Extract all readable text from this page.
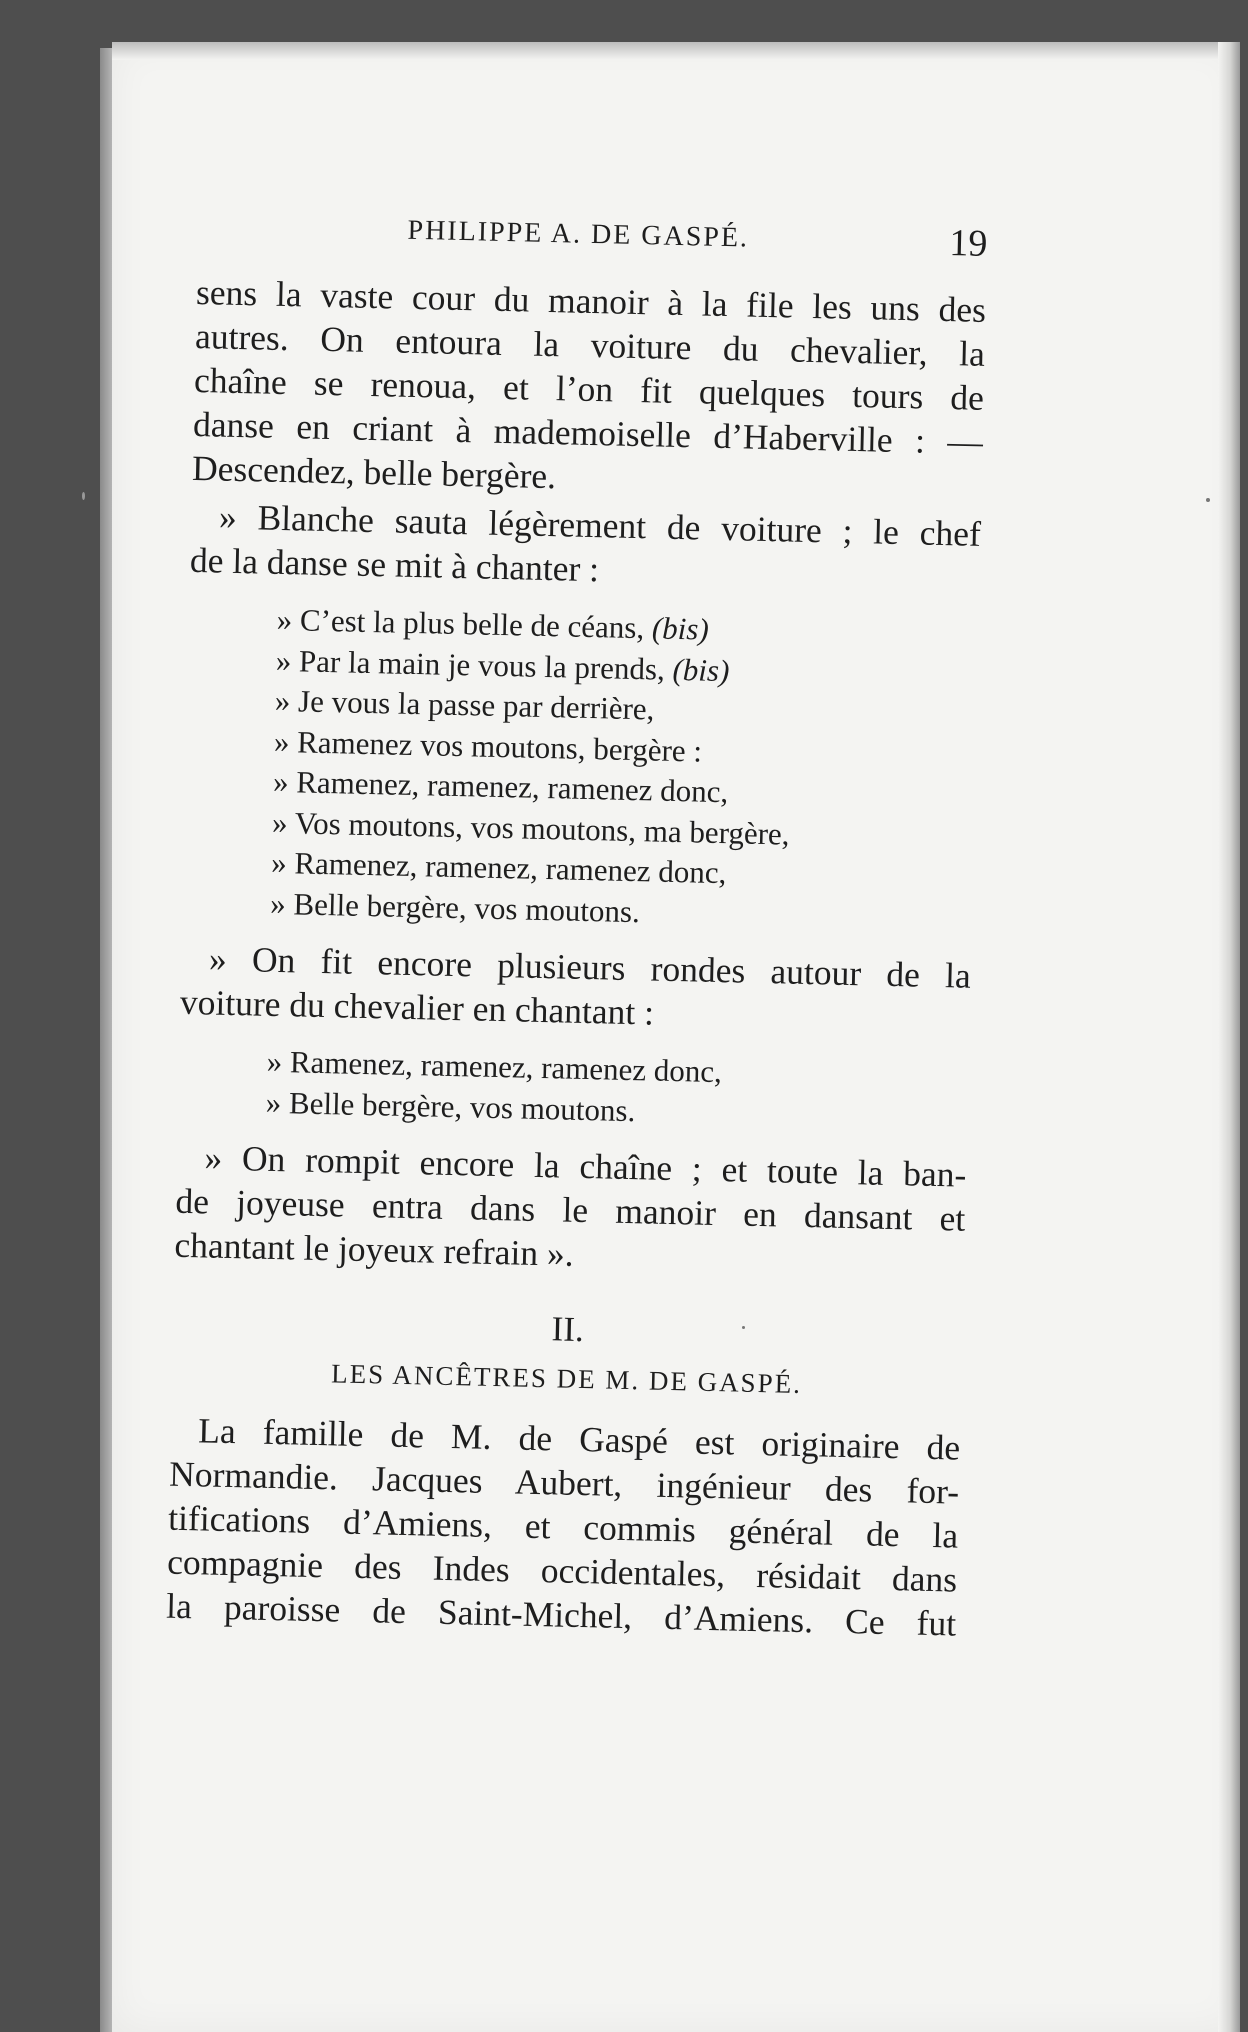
PHILIPPE A. DE GASPÉ.	19

sens la vaste cour du manoir à la file les uns des
autres. On entoura la voiture du chevalier, la
chaîne se renoua, et l’on fit quelques tours de
danse en criant à mademoiselle d’Haberville : —
Descendez, belle bergère.

» Blanche sauta légèrement de voiture ; le chef
de la danse se mit à chanter :

» C’est la plus belle de céans, (bis)
» Par la main je vous la prends, (bis)
» Je vous la passe par derrière,
» Ramenez vos moutons, bergère :
» Ramenez, ramenez, ramenez donc,
» Vos moutons, vos moutons, ma bergère,
» Ramenez, ramenez, ramenez donc,
» Belle bergère, vos moutons.

» On fit encore plusieurs rondes autour de la
voiture du chevalier en chantant :

» Ramenez, ramenez, ramenez donc,
» Belle bergère, vos moutons.

» On rompit encore la chaîne ; et toute la ban-
de joyeuse entra dans le manoir en dansant et
chantant le joyeux refrain ».

II.
LES ANCÊTRES DE M. DE GASPÉ.

La famille de M. de Gaspé est originaire de
Normandie. Jacques Aubert, ingénieur des for-
tifications d’Amiens, et commis général de la
compagnie des Indes occidentales, résidait dans
la paroisse de Saint-Michel, d’Amiens. Ce fut
